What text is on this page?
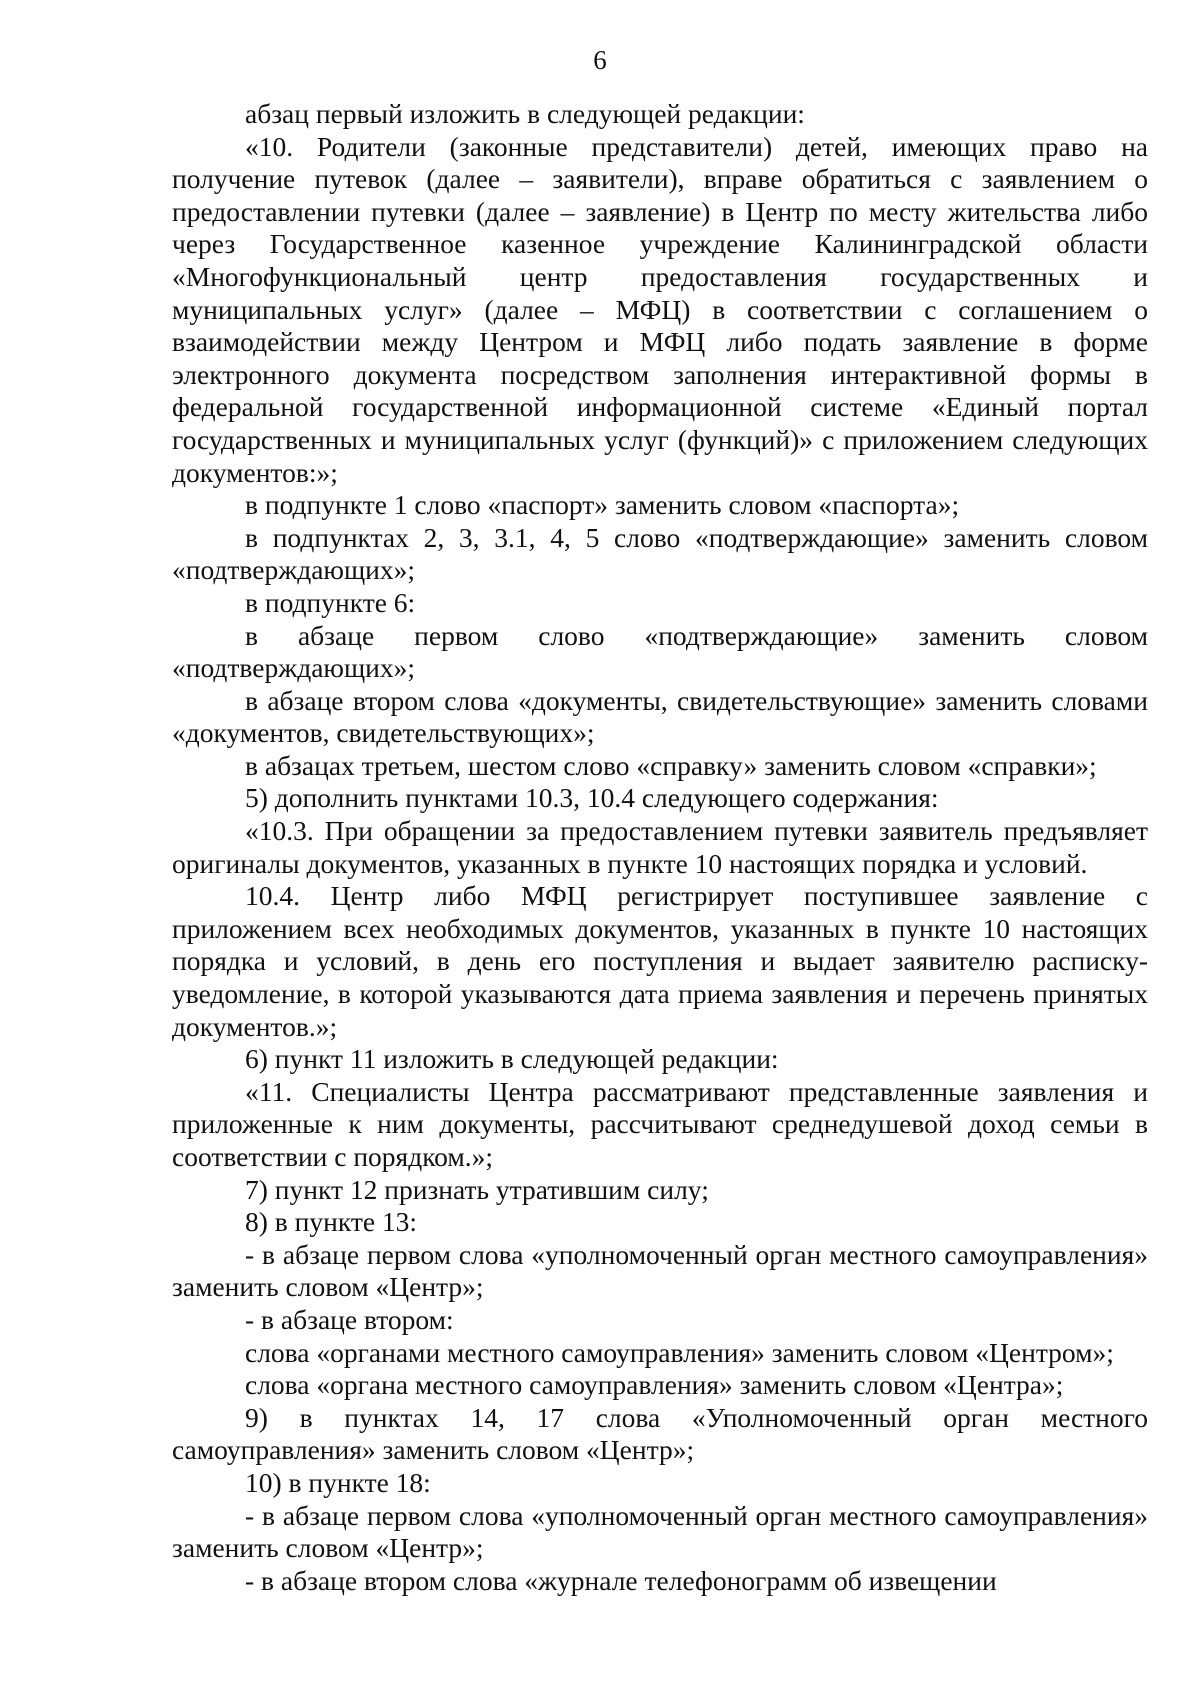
6

абзац первый изложить в следующей редакции:

«10. Родители (законные представители) детей, имеющих право на получение путевок (далее – заявители), вправе обратиться с заявлением о предоставлении путевки (далее – заявление) в Центр по месту жительства либо через Государственное казенное учреждение Калининградской области «Многофункциональный центр предоставления государственных и муниципальных услуг» (далее – МФЦ) в соответствии с соглашением о взаимодействии между Центром и МФЦ либо подать заявление в форме электронного документа посредством заполнения интерактивной формы в федеральной государственной информационной системе «Единый портал государственных и муниципальных услуг (функций)» с приложением следующих документов:»;

в подпункте 1 слово «паспорт» заменить словом «паспорта»;

в подпунктах 2, 3, 3.1, 4, 5 слово «подтверждающие» заменить словом «подтверждающих»;

в подпункте 6:

в абзаце первом слово «подтверждающие» заменить словом «подтверждающих»;

в абзаце втором слова «документы, свидетельствующие» заменить словами «документов, свидетельствующих»;

в абзацах третьем, шестом слово «справку» заменить словом «справки»;

5) дополнить пунктами 10.3, 10.4 следующего содержания:

«10.3. При обращении за предоставлением путевки заявитель предъявляет оригиналы документов, указанных в пункте 10 настоящих порядка и условий.

10.4. Центр либо МФЦ регистрирует поступившее заявление с приложением всех необходимых документов, указанных в пункте 10 настоящих порядка и условий, в день его поступления и выдает заявителю расписку-уведомление, в которой указываются дата приема заявления и перечень принятых документов.»;

6) пункт 11 изложить в следующей редакции:

«11. Специалисты Центра рассматривают представленные заявления и приложенные к ним документы, рассчитывают среднедушевой доход семьи в соответствии с порядком.»;

7) пункт 12 признать утратившим силу;

8) в пункте 13:

- в абзаце первом слова «уполномоченный орган местного самоуправления» заменить словом «Центр»;

- в абзаце втором:

слова «органами местного самоуправления» заменить словом «Центром»;

слова «органа местного самоуправления» заменить словом «Центра»;

9) в пунктах 14, 17 слова «Уполномоченный орган местного самоуправления» заменить словом «Центр»;

10) в пункте 18:

- в абзаце первом слова «уполномоченный орган местного самоуправления» заменить словом «Центр»;

- в абзаце втором слова «журнале телефонограмм об извещении
